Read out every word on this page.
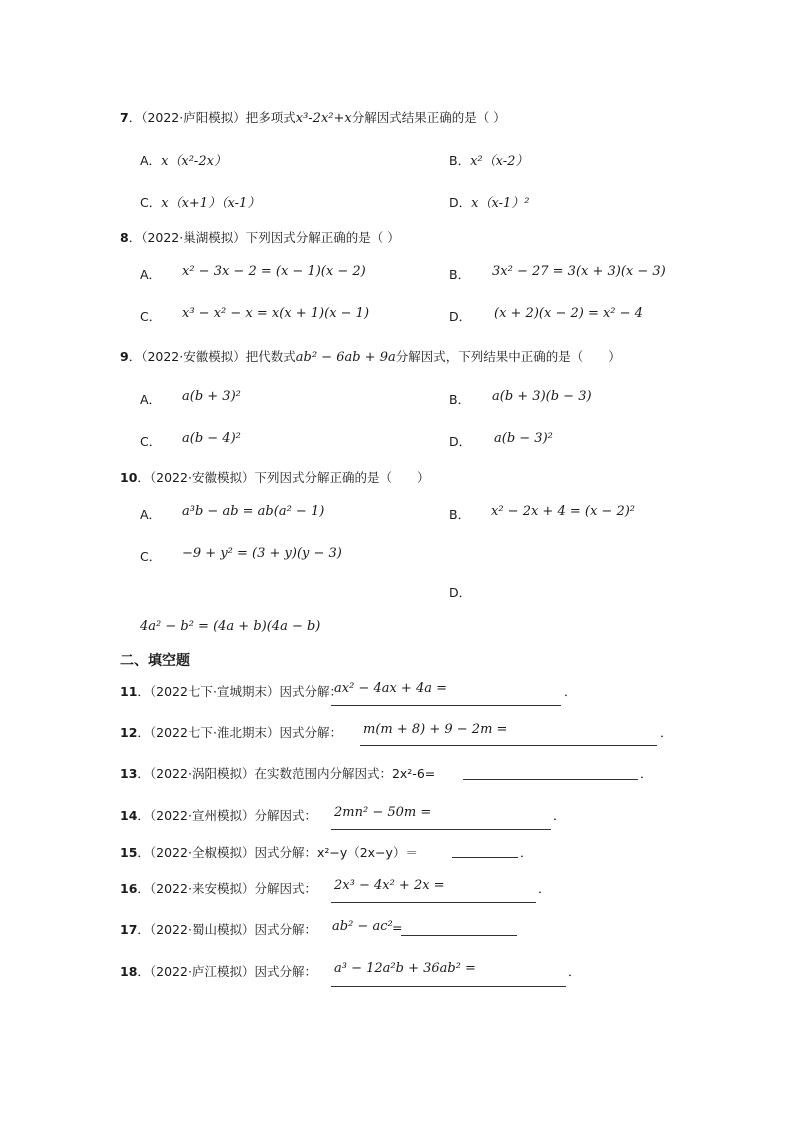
7．（2022·庐阳模拟）把多项式x³-2x²+x分解因式结果正确的是（ ）
A．x（x²-2x）	B．x²（x-2）
C．x（x+1）（x-1）	D．x（x-1）²
8．（2022·巢湖模拟）下列因式分解正确的是（ ）
A． x² − 3x − 2 = (x − 1)(x − 2)	B． 3x² − 27 = 3(x + 3)(x − 3)
C． x³ − x² − x = x(x + 1)(x − 1)	D． (x + 2)(x − 2) = x² − 4
9．（2022·安徽模拟）把代数式ab² − 6ab + 9a分解因式，下列结果中正确的是（　　）
A． a(b + 3)²	B． a(b + 3)(b − 3)
C． a(b − 4)²	D． a(b − 3)²
10．（2022·安徽模拟）下列因式分解正确的是（　　）
A． a³b − ab = ab(a² − 1)	B． x² − 2x + 4 = (x − 2)²
C． −9 + y² = (3 + y)(y − 3)
D．
4a² − b² = (4a + b)(4a − b)
二、填空题
11．（2022七下·宣城期末）因式分解：
ax² − 4ax + 4a =	．
12．（2022七下·淮北期末）因式分解： m(m + 8) + 9 − 2m =	．
13．（2022·涡阳模拟）在实数范围内分解因式：2x²-6=	．
14．（2022·宣州模拟）分解因式： 2mn² − 50m =	．
15．（2022·全椒模拟）因式分解：x²−y（2x−y）＝	．
16．（2022·来安模拟）分解因式： 2x³ − 4x² + 2x =	．
17．（2022·蜀山模拟）因式分解： ab² − ac² =
18．（2022·庐江模拟）因式分解： a³ − 12a²b + 36ab² =	．
